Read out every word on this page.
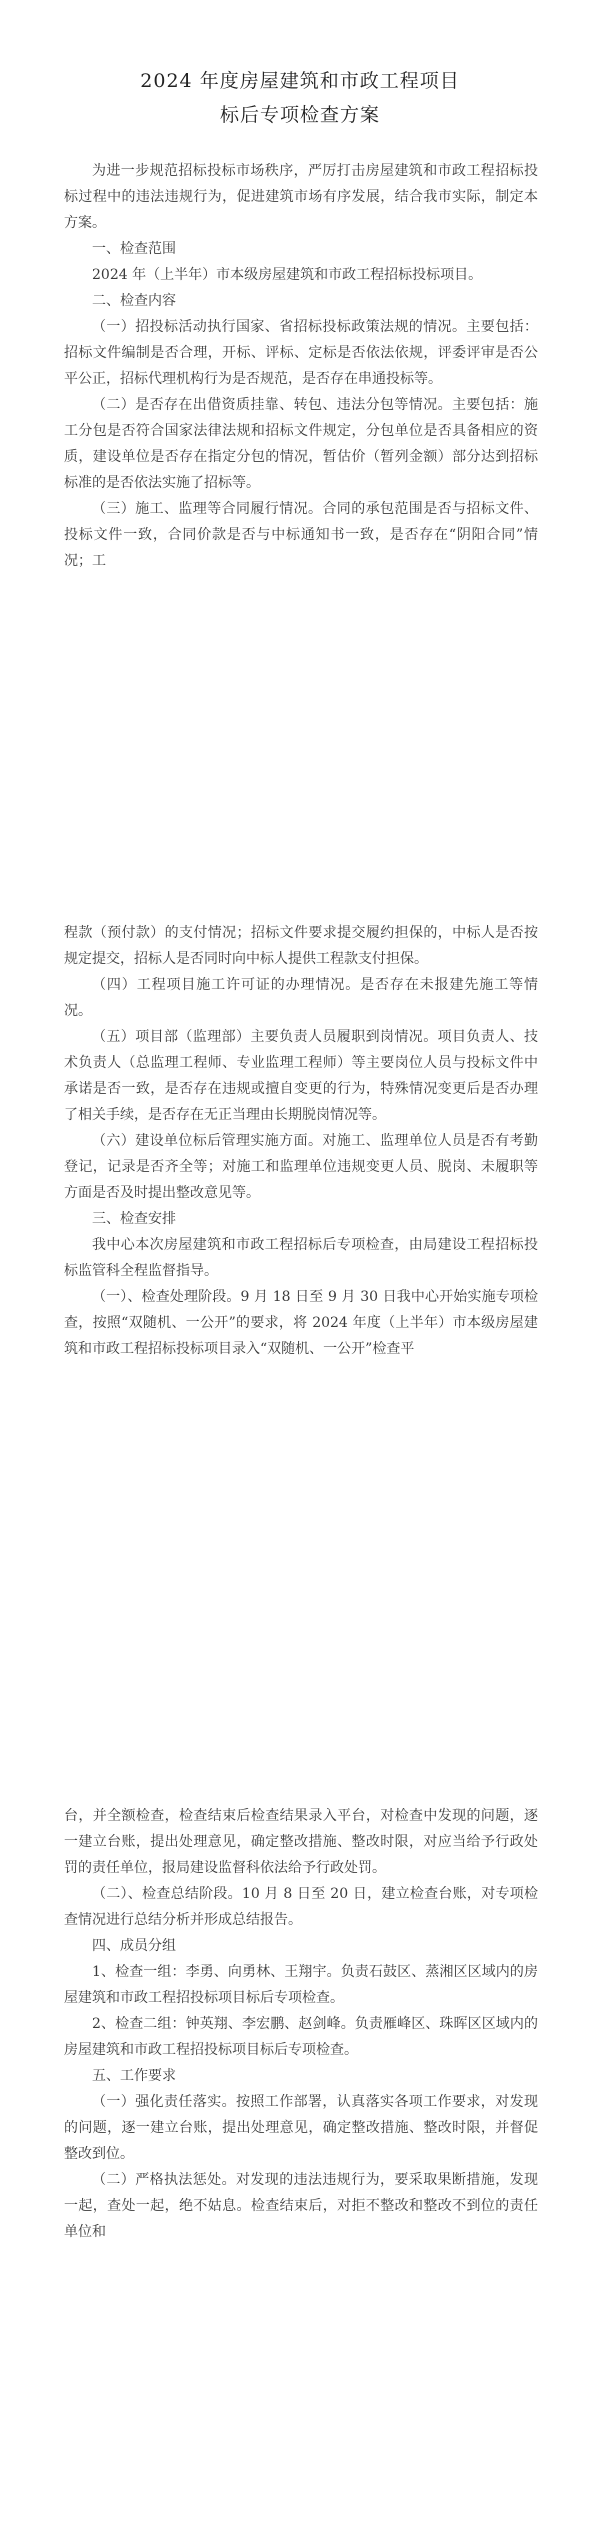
2024 年度房屋建筑和市政工程项目
标后专项检查方案

为进一步规范招标投标市场秩序，严厉打击房屋建筑和市政工程招标投标过程中的违法违规行为，促进建筑市场有序发展，结合我市实际，制定本方案。

一、检查范围

2024 年（上半年）市本级房屋建筑和市政工程招标投标项目。

二、检查内容

（一）招投标活动执行国家、省招标投标政策法规的情况。主要包括：招标文件编制是否合理，开标、评标、定标是否依法依规，评委评审是否公平公正，招标代理机构行为是否规范，是否存在串通投标等。

（二）是否存在出借资质挂靠、转包、违法分包等情况。主要包括：施工分包是否符合国家法律法规和招标文件规定，分包单位是否具备相应的资质，建设单位是否存在指定分包的情况，暂估价（暂列金额）部分达到招标标准的是否依法实施了招标等。

（三）施工、监理等合同履行情况。合同的承包范围是否与招标文件、投标文件一致，合同价款是否与中标通知书一致，是否存在“阴阳合同”情况；工

程款（预付款）的支付情况；招标文件要求提交履约担保的，中标人是否按规定提交，招标人是否同时向中标人提供工程款支付担保。

（四）工程项目施工许可证的办理情况。是否存在未报建先施工等情况。

（五）项目部（监理部）主要负责人员履职到岗情况。项目负责人、技术负责人（总监理工程师、专业监理工程师）等主要岗位人员与投标文件中承诺是否一致，是否存在违规或擅自变更的行为，特殊情况变更后是否办理了相关手续，是否存在无正当理由长期脱岗情况等。

（六）建设单位标后管理实施方面。对施工、监理单位人员是否有考勤登记，记录是否齐全等；对施工和监理单位违规变更人员、脱岗、未履职等方面是否及时提出整改意见等。

三、检查安排

我中心本次房屋建筑和市政工程招标后专项检查，由局建设工程招标投标监管科全程监督指导。

（一）、检查处理阶段。9 月 18 日至 9 月 30 日我中心开始实施专项检查，按照“双随机、一公开”的要求，将 2024 年度（上半年）市本级房屋建筑和市政工程招标投标项目录入“双随机、一公开”检查平

台，并全额检查，检查结束后检查结果录入平台，对检查中发现的问题，逐一建立台账，提出处理意见，确定整改措施、整改时限，对应当给予行政处罚的责任单位，报局建设监督科依法给予行政处罚。

（二）、检查总结阶段。10 月 8 日至 20 日，建立检查台账，对专项检查情况进行总结分析并形成总结报告。

四、成员分组

1、检查一组：李勇、向勇林、王翔宇。负责石鼓区、蒸湘区区域内的房屋建筑和市政工程招投标项目标后专项检查。

2、检查二组：钟英翔、李宏鹏、赵剑峰。负责雁峰区、珠晖区区域内的房屋建筑和市政工程招投标项目标后专项检查。

五、工作要求

（一）强化责任落实。按照工作部署，认真落实各项工作要求，对发现的问题，逐一建立台账，提出处理意见，确定整改措施、整改时限，并督促整改到位。

（二）严格执法惩处。对发现的违法违规行为，要采取果断措施，发现一起，查处一起，绝不姑息。检查结束后，对拒不整改和整改不到位的责任单位和
